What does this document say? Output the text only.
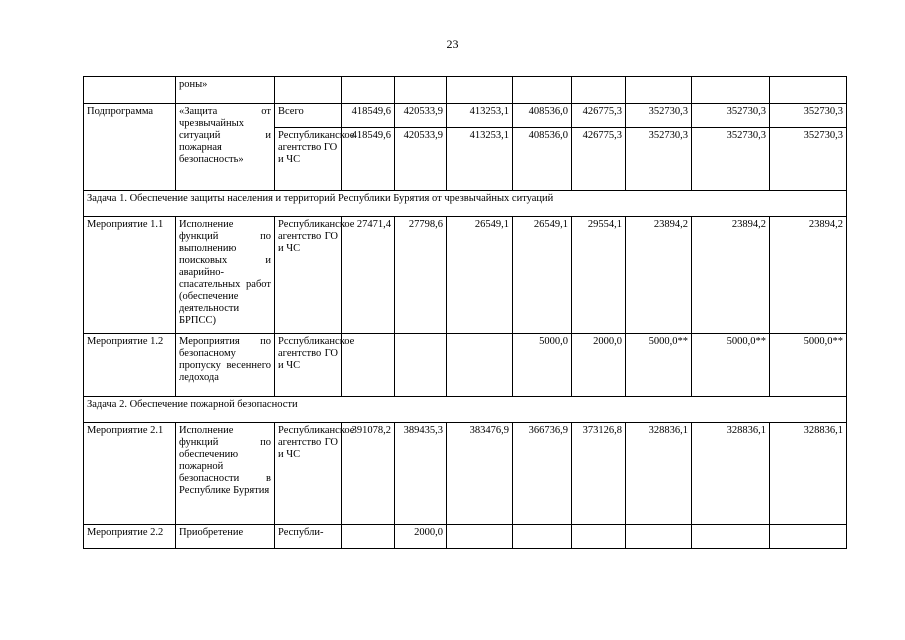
23
	роны»									
Подпрограмма	«Защита от чрезвычайных ситуаций и пожарная безопасность»	Всего	418549,6	420533,9	413253,1	408536,0	426775,3	352730,3	352730,3	352730,3
		Республиканское агентство ГО и ЧС	418549,6	420533,9	413253,1	408536,0	426775,3	352730,3	352730,3	352730,3
Задача 1. Обеспечение защиты населения и территорий Республики Бурятия от чрезвычайных ситуаций										
Мероприятие 1.1	Исполнение функций по выполнению поисковых и аварийно-спасательных работ (обеспечение деятельности БРПСС)	Республиканское агентство ГО и ЧС	27471,4	27798,6	26549,1	26549,1	29554,1	23894,2	23894,2	23894,2
Мероприятие 1.2	Мероприятия по безопасному пропуску весеннего ледохода	Рсспубликанское агентство ГО и ЧС				5000,0	2000,0	5000,0**	5000,0**	5000,0**
Задача 2. Обеспечение пожарной безопасности										
Мероприятие 2.1	Исполнение функций по обеспечению пожарной безопасности в Республике Бурятия	Республиканское агентство ГО и ЧС	391078,2	389435,3	383476,9	366736,9	373126,8	328836,1	328836,1	328836,1
Мероприятие 2.2	Приобретение	Республи-		2000,0						
